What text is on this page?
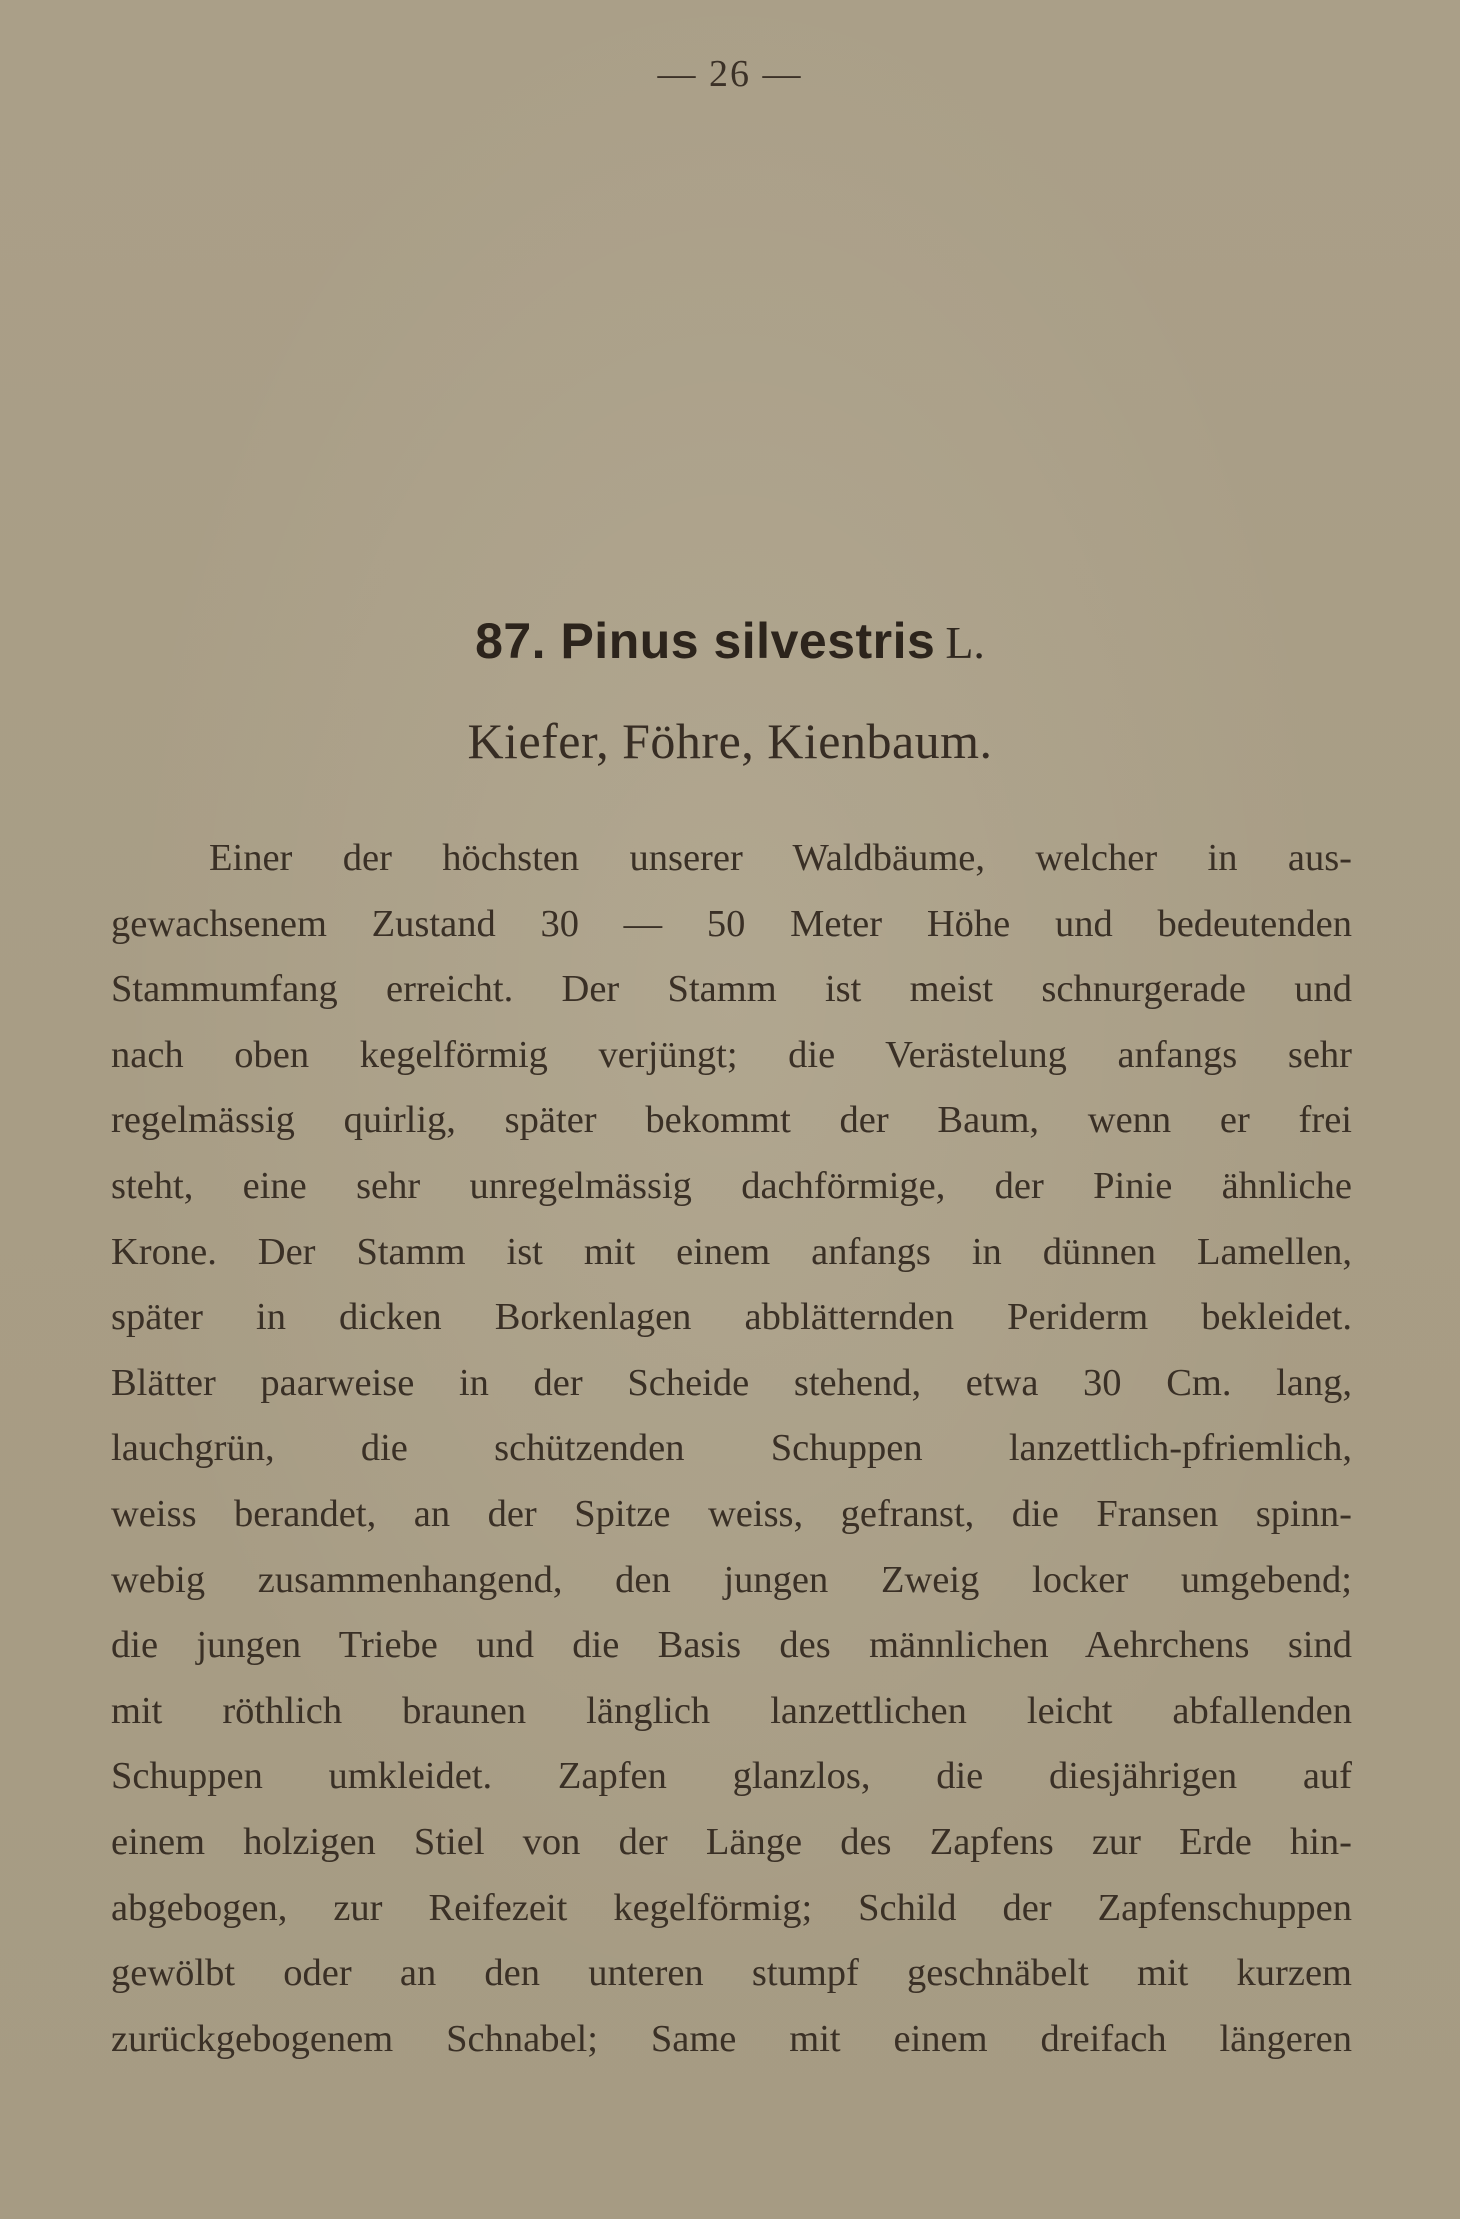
— 26 —
87. Pinus silvestris L.
Kiefer, Föhre, Kienbaum.
Einer der höchsten unserer Waldbäume, welcher in aus-
gewachsenem Zustand 30 — 50 Meter Höhe und bedeutenden
Stammumfang erreicht. Der Stamm ist meist schnurgerade und
nach oben kegelförmig verjüngt; die Verästelung anfangs sehr
regelmässig quirlig, später bekommt der Baum, wenn er frei
steht, eine sehr unregelmässig dachförmige, der Pinie ähnliche
Krone. Der Stamm ist mit einem anfangs in dünnen Lamellen,
später in dicken Borkenlagen abblätternden Periderm bekleidet.
Blätter paarweise in der Scheide stehend, etwa 30 Cm. lang,
lauchgrün, die schützenden Schuppen lanzettlich-pfriemlich,
weiss berandet, an der Spitze weiss, gefranst, die Fransen spinn-
webig zusammenhangend, den jungen Zweig locker umgebend;
die jungen Triebe und die Basis des männlichen Aehrchens sind
mit röthlich braunen länglich lanzettlichen leicht abfallenden
Schuppen umkleidet. Zapfen glanzlos, die diesjährigen auf
einem holzigen Stiel von der Länge des Zapfens zur Erde hin-
abgebogen, zur Reifezeit kegelförmig; Schild der Zapfenschuppen
gewölbt oder an den unteren stumpf geschnäbelt mit kurzem
zurückgebogenem Schnabel; Same mit einem dreifach längeren
